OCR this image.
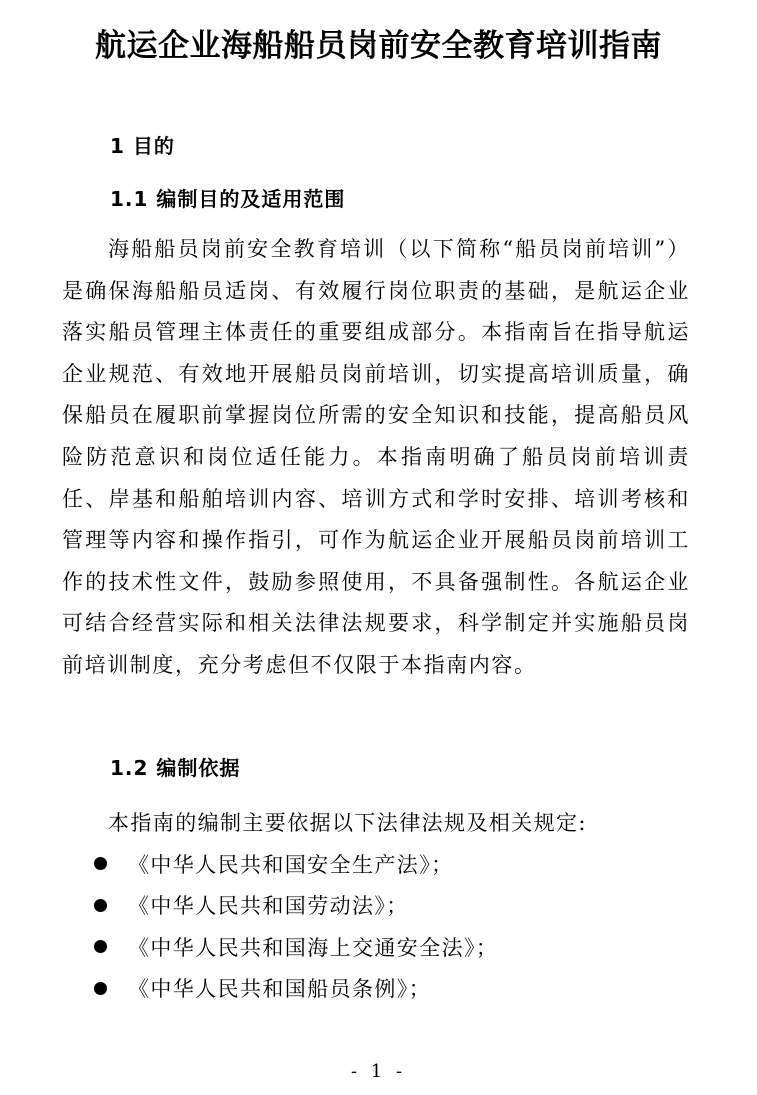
航运企业海船船员岗前安全教育培训指南
1 目的
1.1 编制目的及适用范围

海船船员岗前安全教育培训（以下简称“船员岗前培训”）是确保海船船员适岗、有效履行岗位职责的基础，是航运企业落实船员管理主体责任的重要组成部分。本指南旨在指导航运企业规范、有效地开展船员岗前培训，切实提高培训质量，确保船员在履职前掌握岗位所需的安全知识和技能，提高船员风险防范意识和岗位适任能力。本指南明确了船员岗前培训责任、岸基和船舶培训内容、培训方式和学时安排、培训考核和管理等内容和操作指引，可作为航运企业开展船员岗前培训工作的技术性文件，鼓励参照使用，不具备强制性。各航运企业可结合经营实际和相关法律法规要求，科学制定并实施船员岗前培训制度，充分考虑但不仅限于本指南内容。

1.2 编制依据
本指南的编制主要依据以下法律法规及相关规定:
《中华人民共和国安全生产法》；
《中华人民共和国劳动法》；
《中华人民共和国海上交通安全法》；
《中华人民共和国船员条例》；
- 1 -
